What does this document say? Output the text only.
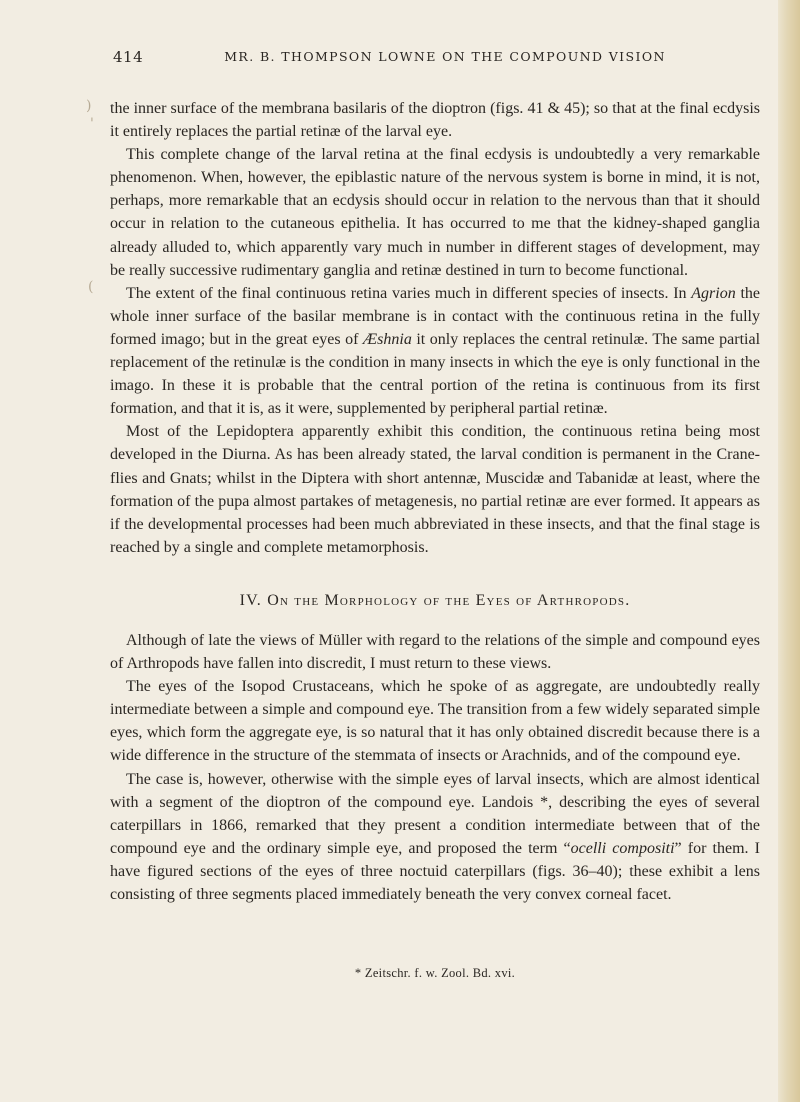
414	MR. B. THOMPSON LOWNE ON THE COMPOUND VISION
)
'
(

the inner surface of the membrana basilaris of the dioptron (figs. 41 & 45); so that at the final ecdysis it entirely replaces the partial retinæ of the larval eye.

This complete change of the larval retina at the final ecdysis is undoubtedly a very remarkable phenomenon. When, however, the epiblastic nature of the nervous system is borne in mind, it is not, perhaps, more remarkable that an ecdysis should occur in relation to the nervous than that it should occur in relation to the cutaneous epithelia. It has occurred to me that the kidney-shaped ganglia already alluded to, which apparently vary much in number in different stages of development, may be really successive rudimentary ganglia and retinæ destined in turn to become functional.

The extent of the final continuous retina varies much in different species of insects. In Agrion the whole inner surface of the basilar membrane is in contact with the continuous retina in the fully formed imago; but in the great eyes of Æshnia it only replaces the central retinulæ. The same partial replacement of the retinulæ is the condition in many insects in which the eye is only functional in the imago. In these it is probable that the central portion of the retina is continuous from its first formation, and that it is, as it were, supplemented by peripheral partial retinæ.

Most of the Lepidoptera apparently exhibit this condition, the continuous retina being most developed in the Diurna. As has been already stated, the larval condition is permanent in the Crane-flies and Gnats; whilst in the Diptera with short antennæ, Muscidæ and Tabanidæ at least, where the formation of the pupa almost partakes of metagenesis, no partial retinæ are ever formed. It appears as if the developmental processes had been much abbreviated in these insects, and that the final stage is reached by a single and complete metamorphosis.

IV. On the Morphology of the Eyes of Arthropods.

Although of late the views of Müller with regard to the relations of the simple and compound eyes of Arthropods have fallen into discredit, I must return to these views.

The eyes of the Isopod Crustaceans, which he spoke of as aggregate, are undoubtedly really intermediate between a simple and compound eye. The transition from a few widely separated simple eyes, which form the aggregate eye, is so natural that it has only obtained discredit because there is a wide difference in the structure of the stemmata of insects or Arachnids, and of the compound eye.

The case is, however, otherwise with the simple eyes of larval insects, which are almost identical with a segment of the dioptron of the compound eye. Landois *, describing the eyes of several caterpillars in 1866, remarked that they present a condition intermediate between that of the compound eye and the ordinary simple eye, and proposed the term “ocelli compositi” for them. I have figured sections of the eyes of three noctuid caterpillars (figs. 36–40); these exhibit a lens consisting of three segments placed immediately beneath the very convex corneal facet.

* Zeitschr. f. w. Zool. Bd. xvi.
